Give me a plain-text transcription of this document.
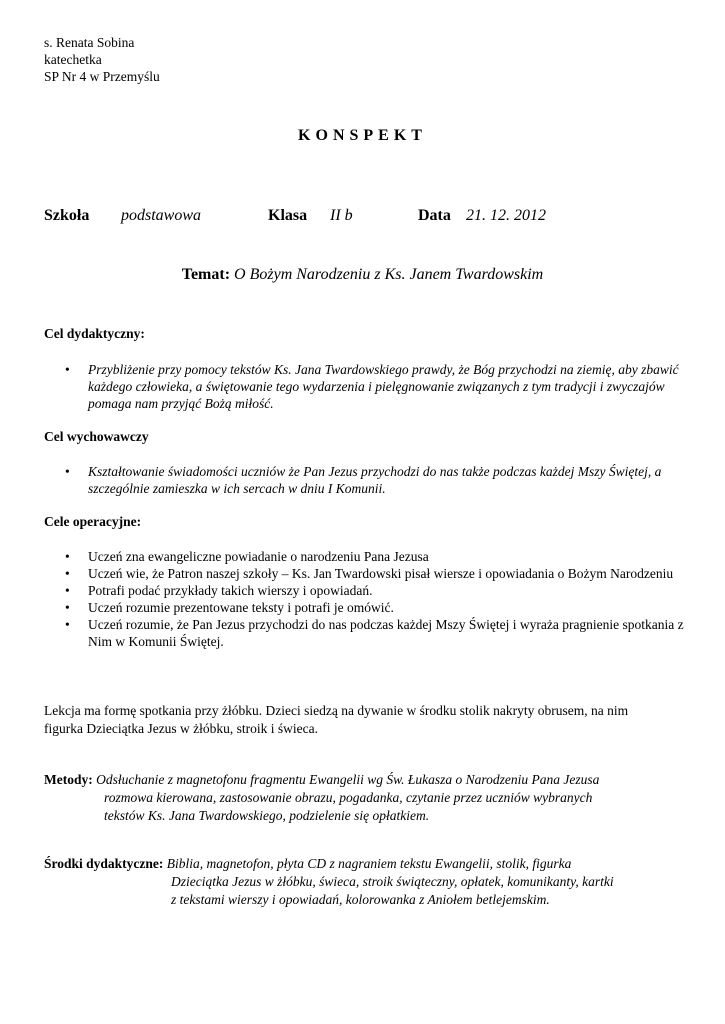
s. Renata Sobina
katechetka
SP Nr 4 w Przemyślu
KONSPEKT
Szkoła podstawowa	Klasa II b	Data 21. 12. 2012
Temat: O Bożym Narodzeniu z Ks. Janem Twardowskim
Cel dydaktyczny:
• Przybliżenie przy pomocy tekstów Ks. Jana Twardowskiego prawdy, że Bóg przychodzi na ziemię, aby zbawić każdego człowieka, a świętowanie tego wydarzenia i pielęgnowanie związanych z tym tradycji i zwyczajów pomaga nam przyjąć Bożą miłość.
Cel wychowawczy
• Kształtowanie świadomości uczniów że Pan Jezus przychodzi do nas także podczas każdej Mszy Świętej, a szczególnie zamieszka w ich sercach w dniu I Komunii.
Cele operacyjne:
• Uczeń zna ewangeliczne powiadanie o narodzeniu Pana Jezusa
• Uczeń wie, że Patron naszej szkoły – Ks. Jan Twardowski pisał wiersze i opowiadania o Bożym Narodzeniu
• Potrafi podać przykłady takich wierszy i opowiadań.
• Uczeń rozumie prezentowane teksty i potrafi je omówić.
• Uczeń rozumie, że Pan Jezus przychodzi do nas podczas każdej Mszy Świętej i wyraża pragnienie spotkania z Nim w Komunii Świętej.
Lekcja ma formę spotkania przy żłóbku. Dzieci siedzą na dywanie w środku stolik nakryty obrusem, na nim
figurka Dzieciątka Jezus w żłóbku, stroik i świeca.
Metody: Odsłuchanie z magnetofonu fragmentu Ewangelii wg Św. Łukasza o Narodzeniu Pana Jezusa
rozmowa kierowana, zastosowanie obrazu, pogadanka, czytanie przez uczniów wybranych
tekstów Ks. Jana Twardowskiego, podzielenie się opłatkiem.
Środki dydaktyczne: Biblia, magnetofon, płyta CD z nagraniem tekstu Ewangelii, stolik, figurka
Dzieciątka Jezus w żłóbku, świeca, stroik świąteczny, opłatek, komunikanty, kartki
z tekstami wierszy i opowiadań, kolorowanka z Aniołem betlejemskim.
